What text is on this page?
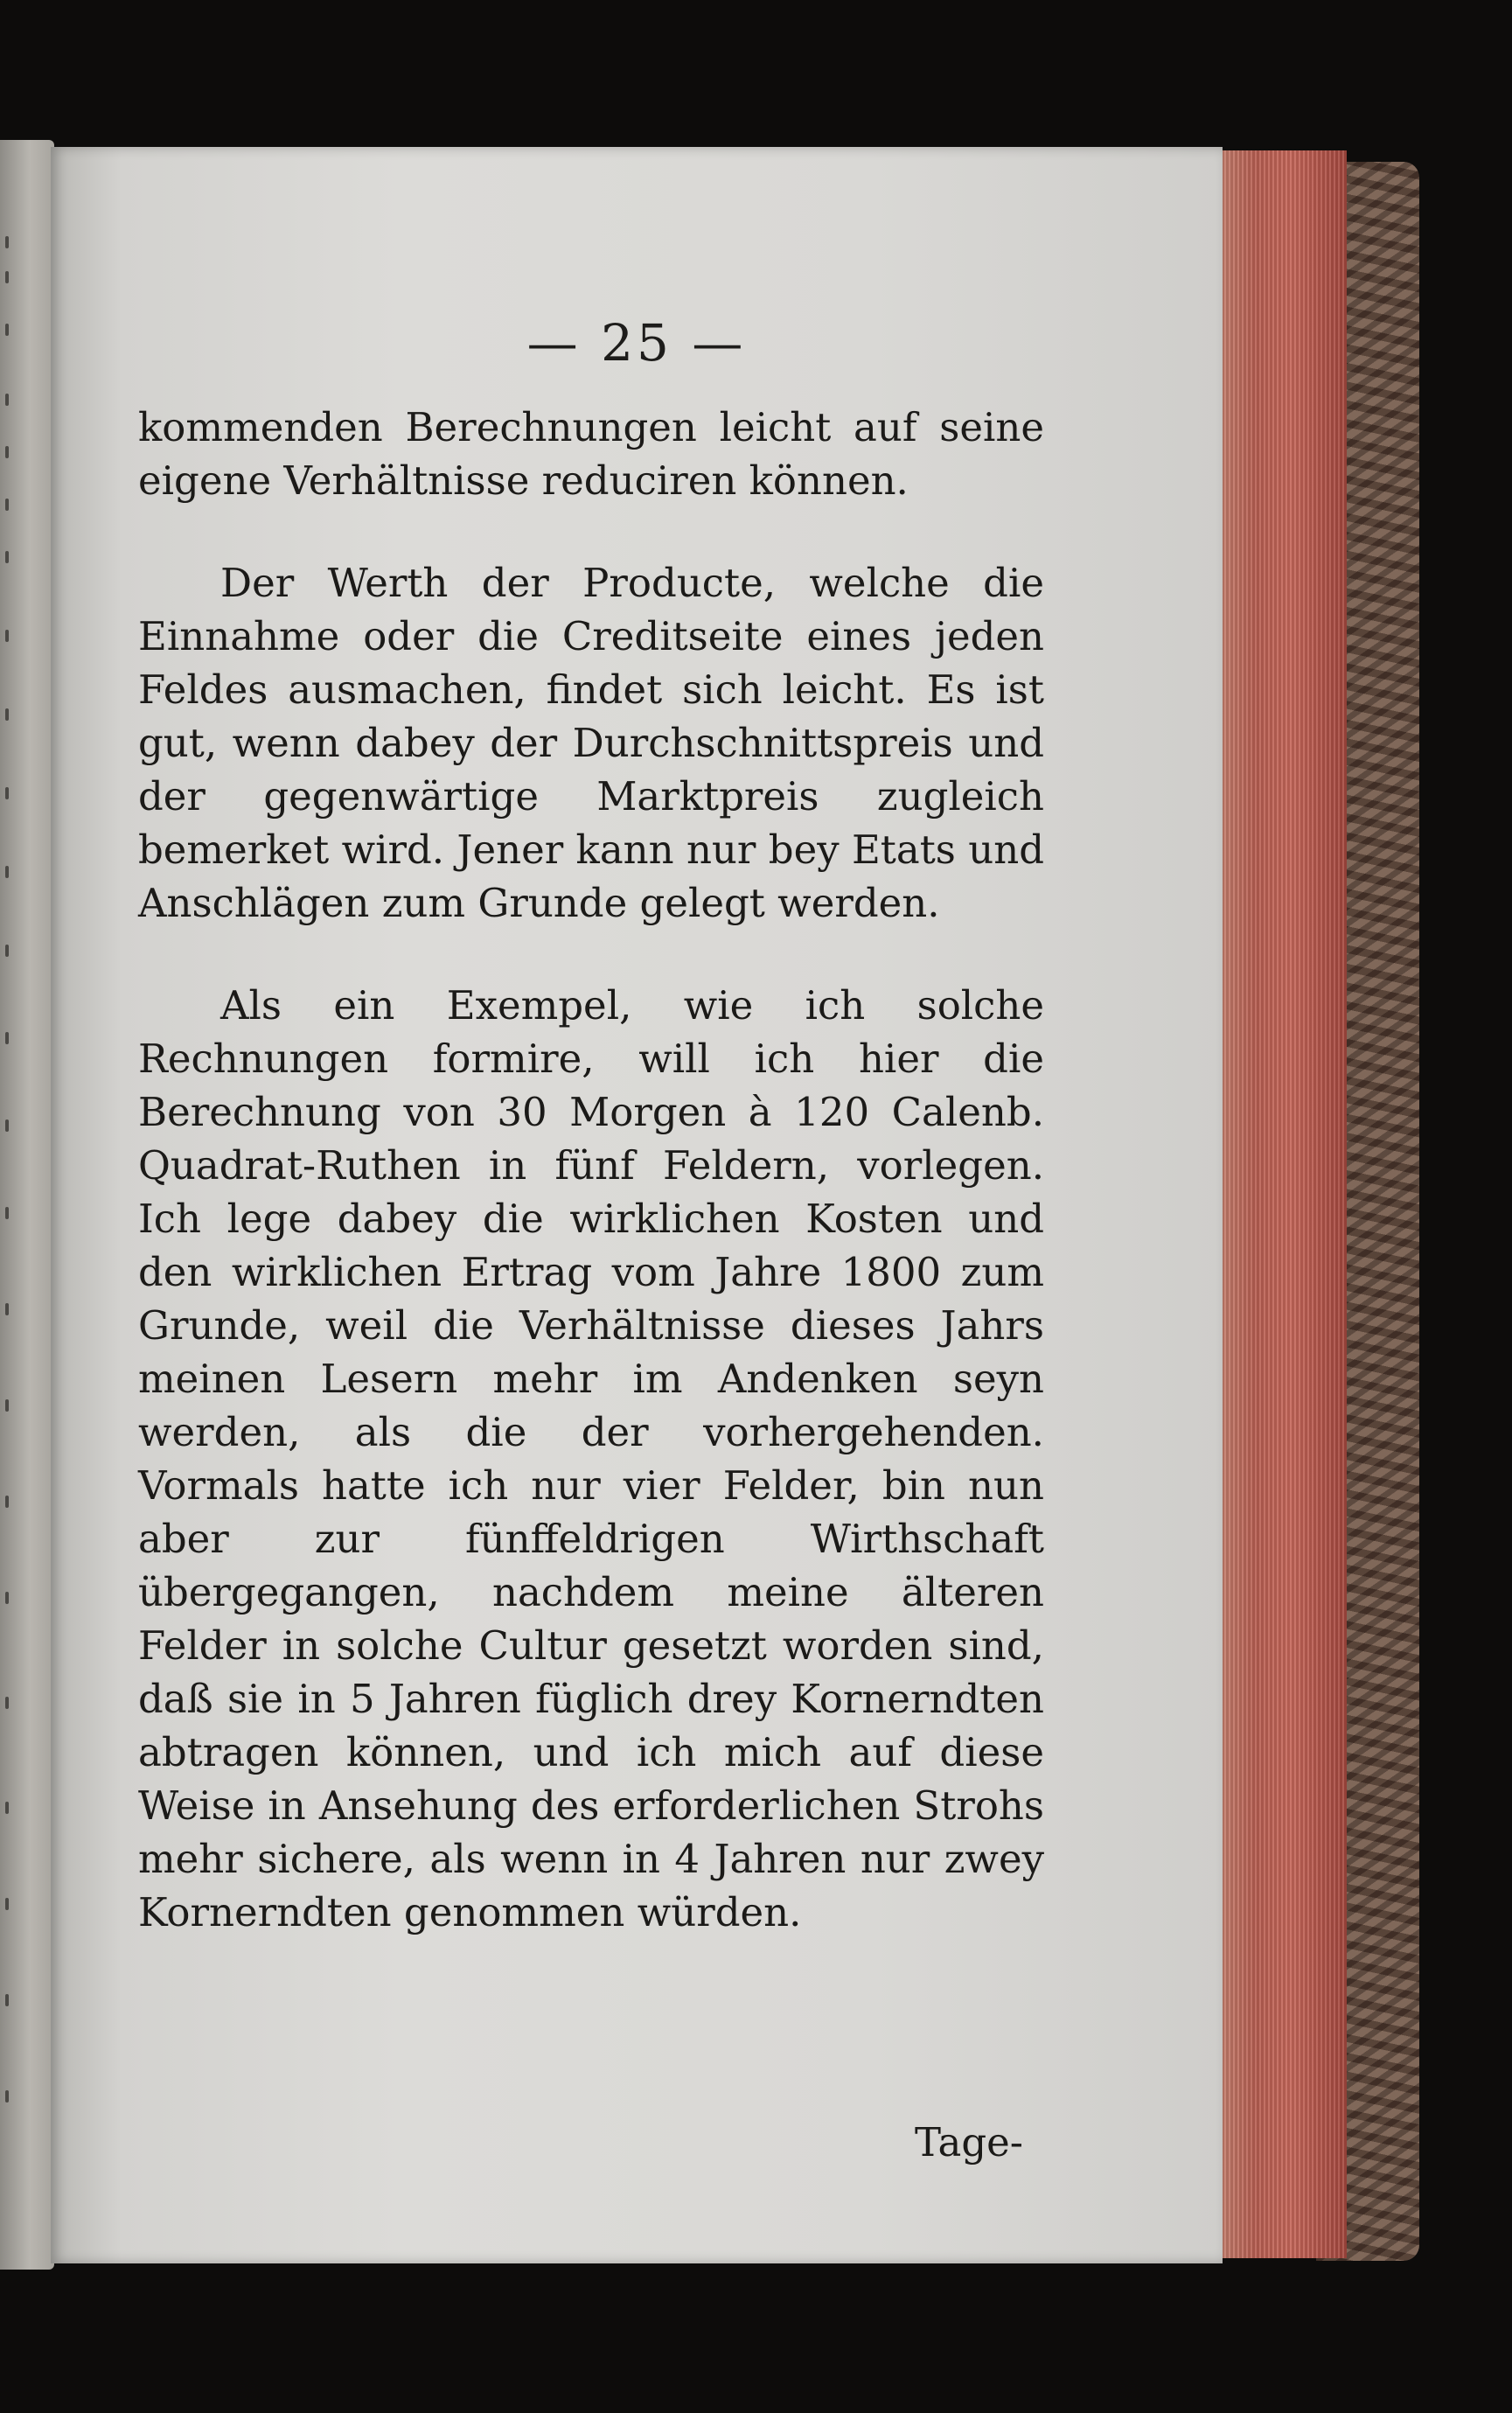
— 25 —

kommenden Berechnungen leicht auf seine eigene Verhältnisse reduciren können.

Der Werth der Producte, welche die Einnahme oder die Creditseite eines jeden Feldes ausmachen, findet sich leicht. Es ist gut, wenn dabey der Durchschnittspreis und der gegenwärtige Marktpreis zugleich bemerket wird. Jener kann nur bey Etats und Anschlägen zum Grunde gelegt werden.

Als ein Exempel, wie ich solche Rechnungen formire, will ich hier die Berechnung von 30 Morgen à 120 Calenb. Quadrat-Ruthen in fünf Feldern, vorlegen. Ich lege dabey die wirklichen Kosten und den wirklichen Ertrag vom Jahre 1800 zum Grunde, weil die Verhältnisse dieses Jahrs meinen Lesern mehr im Andenken seyn werden, als die der vorhergehenden. Vormals hatte ich nur vier Felder, bin nun aber zur fünffeldrigen Wirthschaft übergegangen, nachdem meine älteren Felder in solche Cultur gesetzt worden sind, daß sie in 5 Jahren füglich drey Kornerndten abtragen können, und ich mich auf diese Weise in Ansehung des erforderlichen Strohs mehr sichere, als wenn in 4 Jahren nur zwey Kornerndten genommen würden.

Tage-
